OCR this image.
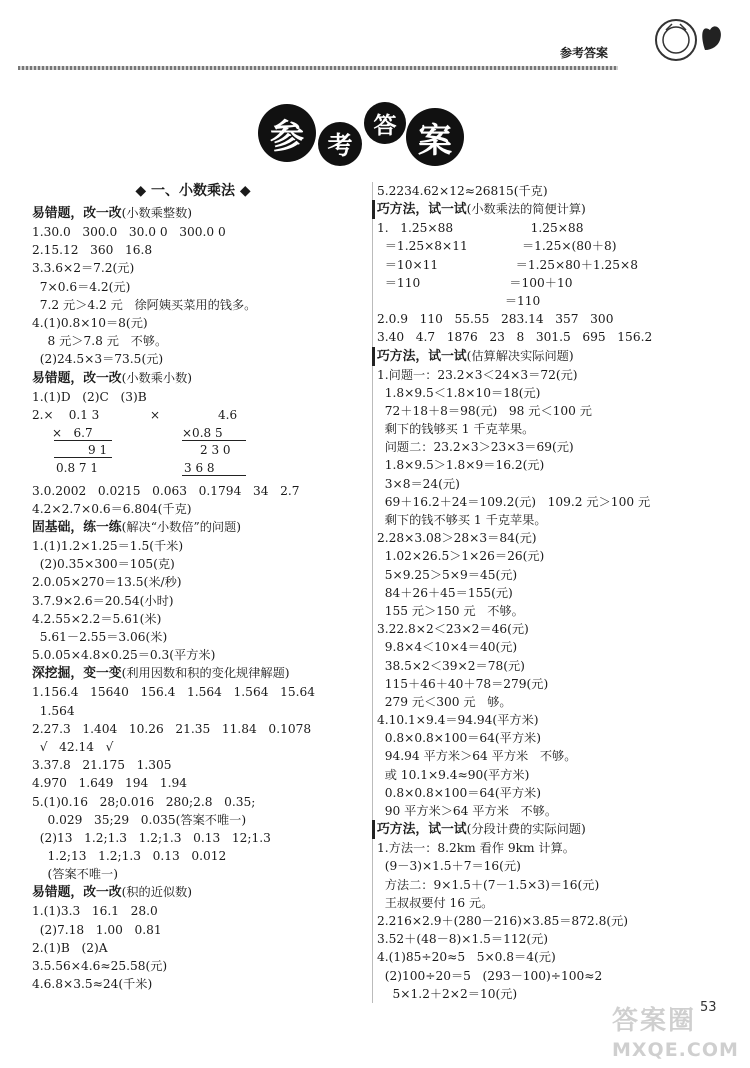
参考答案
参 考
答 案
◆ 一、小数乘法 ◆
易错题，改一改(小数乘整数)
1.30.0   300.0   30.0 0   300.0 0
2.15.12   360   16.8
3.3.6×2＝7.2(元)
7×0.6＝4.2(元)
7.2 元＞4.2 元   徐阿姨买菜用的钱多。
4.(1)0.8×10＝8(元)
8 元＞7.8 元   不够。
(2)24.5×3＝73.5(元)
易错题，改一改(小数乘小数)
1.(1)D   (2)C   (3)B
2.×    0.1 3
×   6.7
9 1
0.8 7 1
×	4.6
×0.8 5
2 3 0
3 6 8
3.0.2002   0.0215   0.063   0.1794   34   2.7
4.2×2.7×0.6＝6.804(千克)
固基础，练一练(解决“小数倍”的问题)
1.(1)1.2×1.25＝1.5(千米)
(2)0.35×300＝105(克)
2.0.05×270＝13.5(米/秒)
3.7.9×2.6＝20.54(小时)
4.2.55×2.2＝5.61(米)
5.61－2.55＝3.06(米)
5.0.05×4.8×0.25＝0.3(平方米)
深挖掘，变一变(利用因数和积的变化规律解题)
1.156.4   15640   156.4   1.564   1.564   15.64
1.564
2.27.3   1.404   10.26   21.35   11.84   0.1078
√   42.14   √
3.37.8   21.175   1.305
4.970   1.649   194   1.94
5.(1)0.16   28;0.016   280;2.8   0.35;
0.029   35;29   0.035(答案不唯一)
(2)13   1.2;1.3   1.2;1.3   0.13   12;1.3
1.2;13   1.2;1.3   0.13   0.012
(答案不唯一)
易错题，改一改(积的近似数)
1.(1)3.3   16.1   28.0
(2)7.18   1.00   0.81
2.(1)B   (2)A
3.5.56×4.6≈25.58(元)
4.6.8×3.5≈24(千米)
5.2234.62×12≈26815(千克)
巧方法，试一试(小数乘法的简便计算)
1.   1.25×88                    1.25×88
＝1.25×8×11              ＝1.25×(80＋8)
＝10×11                    ＝1.25×80＋1.25×8
＝110                       ＝100＋10
＝110
2.0.9   110   55.55   283.14   357   300
3.40   4.7   1876   23   8   301.5   695   156.2
巧方法，试一试(估算解决实际问题)
1.问题一：23.2×3＜24×3＝72(元)
1.8×9.5＜1.8×10＝18(元)
72＋18＋8＝98(元)   98 元＜100 元
剩下的钱够买 1 千克苹果。
问题二：23.2×3＞23×3＝69(元)
1.8×9.5＞1.8×9＝16.2(元)
3×8＝24(元)
69＋16.2＋24＝109.2(元)   109.2 元＞100 元
剩下的钱不够买 1 千克苹果。
2.28×3.08＞28×3＝84(元)
1.02×26.5＞1×26＝26(元)
5×9.25＞5×9＝45(元)
84＋26＋45＝155(元)
155 元＞150 元   不够。
3.22.8×2＜23×2＝46(元)
9.8×4＜10×4＝40(元)
38.5×2＜39×2＝78(元)
115＋46＋40＋78＝279(元)
279 元＜300 元   够。
4.10.1×9.4＝94.94(平方米)
0.8×0.8×100＝64(平方米)
94.94 平方米＞64 平方米   不够。
或 10.1×9.4≈90(平方米)
0.8×0.8×100＝64(平方米)
90 平方米＞64 平方米   不够。
巧方法，试一试(分段计费的实际问题)
1.方法一：8.2km 看作 9km 计算。
(9－3)×1.5＋7＝16(元)
方法二：9×1.5＋(7－1.5×3)＝16(元)
王叔叔要付 16 元。
2.216×2.9＋(280－216)×3.85＝872.8(元)
3.52＋(48－8)×1.5＝112(元)
4.(1)85÷20≈5   5×0.8＝4(元)
(2)100÷20＝5   (293－100)÷100≈2
5×1.2＋2×2＝10(元)
答案圈
MXQE.COM
53
